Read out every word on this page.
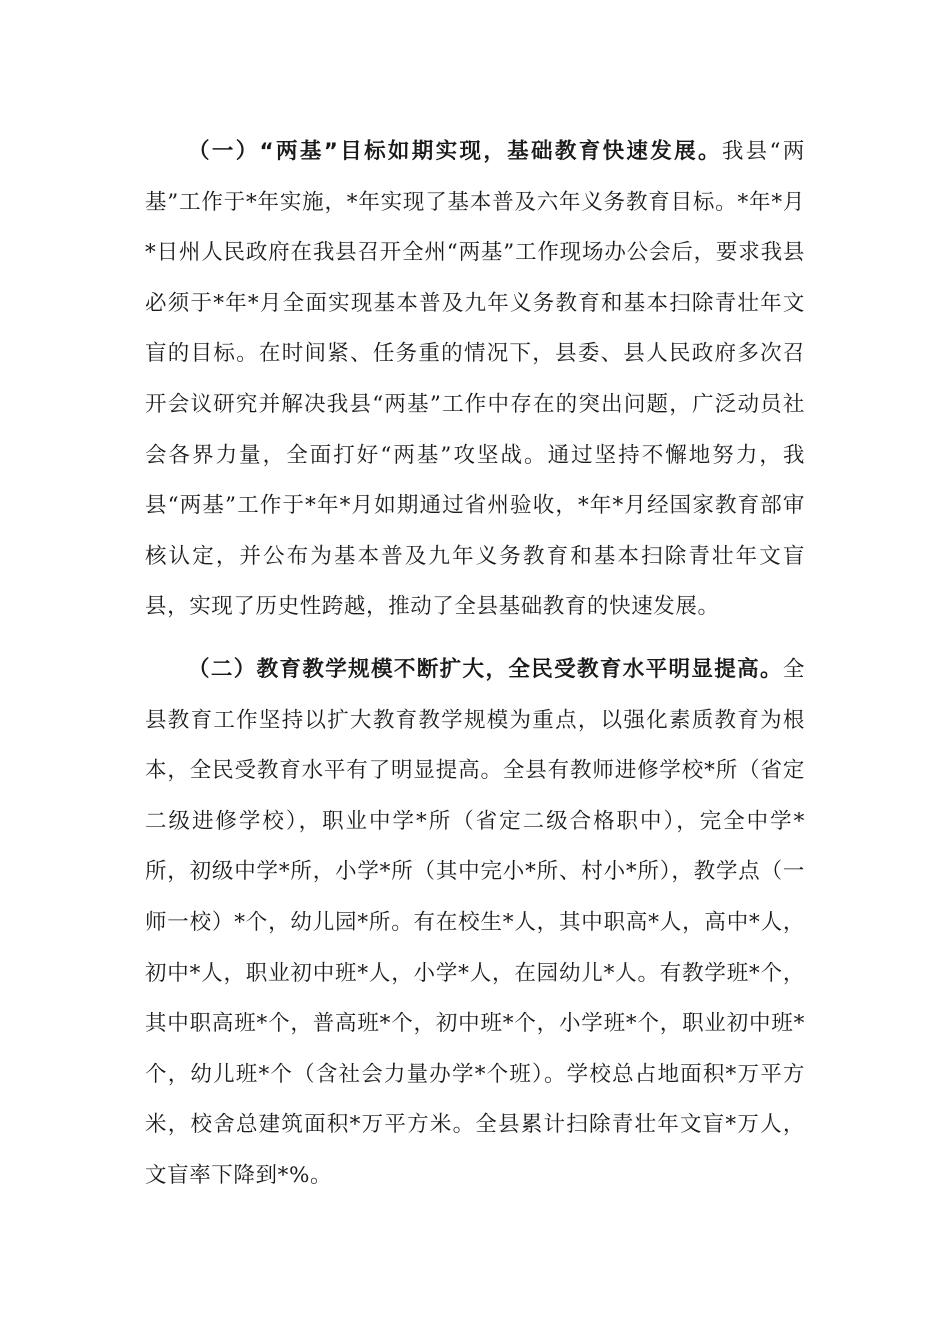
（一）“两基”目标如期实现，基础教育快速发展。我县“两基”工作于*年实施，*年实现了基本普及六年义务教育目标。*年*月*日州人民政府在我县召开全州“两基”工作现场办公会后，要求我县必须于*年*月全面实现基本普及九年义务教育和基本扫除青壮年文盲的目标。在时间紧、任务重的情况下，县委、县人民政府多次召开会议研究并解决我县“两基”工作中存在的突出问题，广泛动员社会各界力量，全面打好“两基”攻坚战。通过坚持不懈地努力，我县“两基”工作于*年*月如期通过省州验收，*年*月经国家教育部审核认定，并公布为基本普及九年义务教育和基本扫除青壮年文盲县，实现了历史性跨越，推动了全县基础教育的快速发展。

（二）教育教学规模不断扩大，全民受教育水平明显提高。全县教育工作坚持以扩大教育教学规模为重点，以强化素质教育为根本，全民受教育水平有了明显提高。全县有教师进修学校*所（省定二级进修学校），职业中学*所（省定二级合格职中），完全中学*所，初级中学*所，小学*所（其中完小*所、村小*所），教学点（一师一校）*个，幼儿园*所。有在校生*人，其中职高*人，高中*人，初中*人，职业初中班*人，小学*人，在园幼儿*人。有教学班*个，其中职高班*个，普高班*个，初中班*个，小学班*个，职业初中班*个，幼儿班*个（含社会力量办学*个班）。学校总占地面积*万平方米，校舍总建筑面积*万平方米。全县累计扫除青壮年文盲*万人，文盲率下降到*%。
